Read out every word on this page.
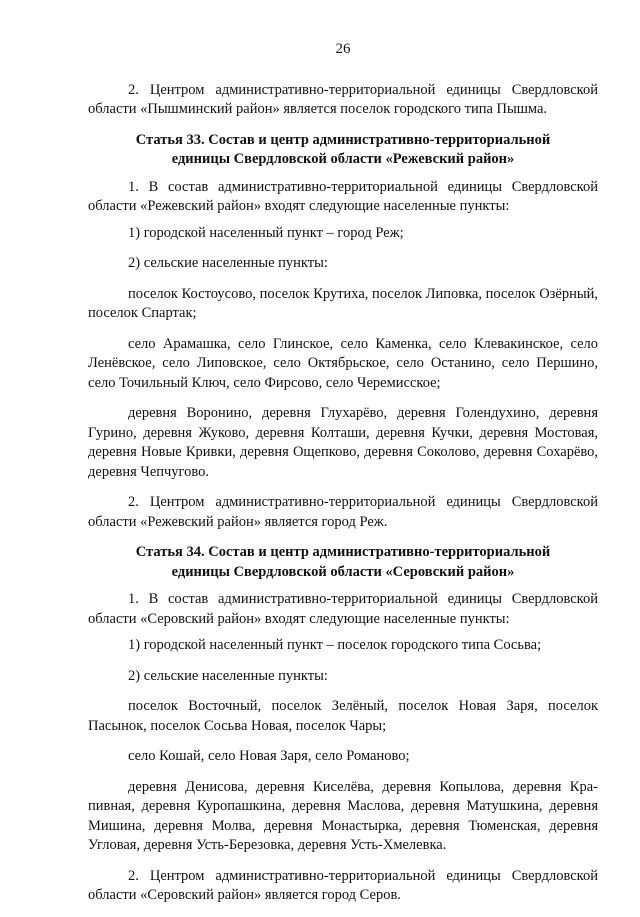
26

2. Центром административно-территориальной единицы Свердловской области «Пышминский район» является поселок городского типа Пышма.

Статья 33. Состав и центр административно-территориальной единицы Свердловской области «Режевский район»

1. В состав административно-территориальной единицы Свердловской области «Режевский район» входят следующие населенные пункты:

1) городской населенный пункт – город Реж;

2) сельские населенные пункты:

поселок Костоусово, поселок Крутиха, поселок Липовка, поселок Озёрный, поселок Спартак;

село Арамашка, село Глинское, село Каменка, село Клевакинское, село Ленёвское, село Липовское, село Октябрьское, село Останино, село Першино, село Точильный Ключ, село Фирсово, село Черемисское;

деревня Воронино, деревня Глухарёво, деревня Голендухино, деревня Гурино, деревня Жуково, деревня Колташи, деревня Кучки, деревня Мостовая, деревня Новые Кривки, деревня Ощепково, деревня Соколово, деревня Сохарёво, деревня Чепчугово.

2. Центром административно-территориальной единицы Свердловской области «Режевский район» является город Реж.

Статья 34. Состав и центр административно-территориальной единицы Свердловской области «Серовский район»

1. В состав административно-территориальной единицы Свердловской области «Серовский район» входят следующие населенные пункты:

1) городской населенный пункт – поселок городского типа Сосьва;

2) сельские населенные пункты:

поселок Восточный, поселок Зелёный, поселок Новая Заря, поселок Пасынок, поселок Сосьва Новая, поселок Чары;

село Кошай, село Новая Заря, село Романово;

деревня Денисова, деревня Киселёва, деревня Копылова, деревня Крапивная, деревня Куропашкина, деревня Маслова, деревня Матушкина, деревня Мишина, деревня Молва, деревня Монастырка, деревня Тюменская, деревня Угловая, деревня Усть-Березовка, деревня Усть-Хмелевка.

2. Центром административно-территориальной единицы Свердловской области «Серовский район» является город Серов.
